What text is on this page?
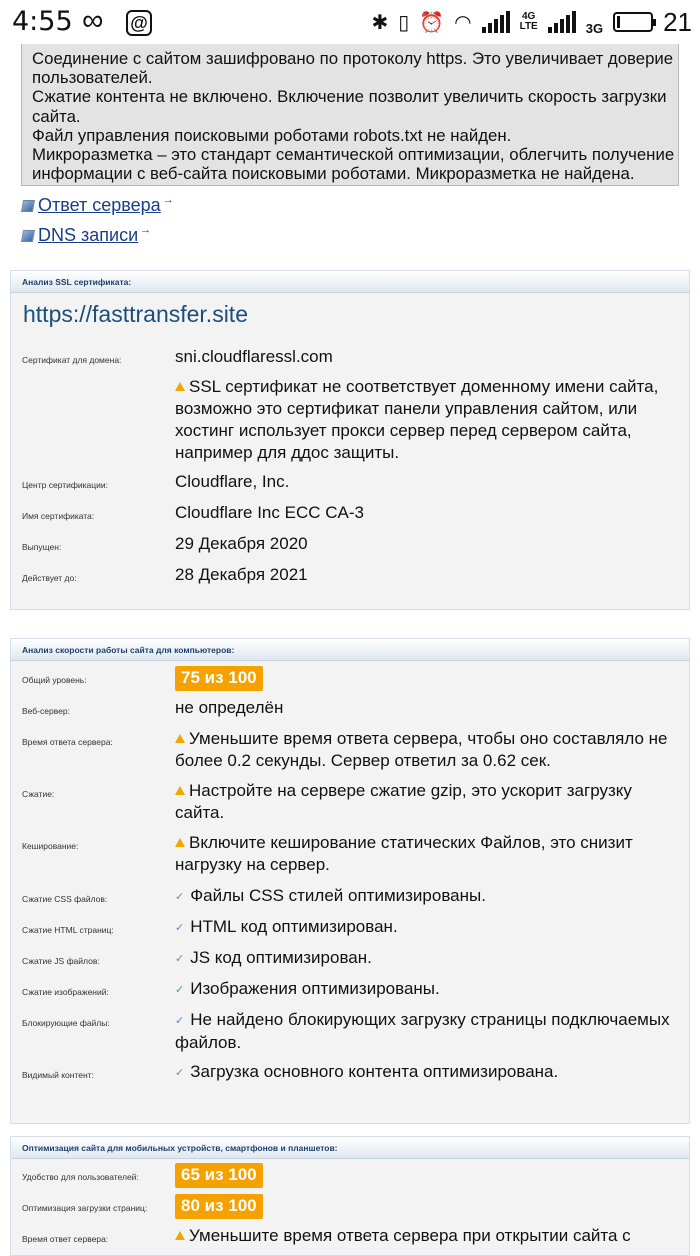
Соединение с сайтом зашифровано по протоколу https. Это увеличивает доверие пользователей.

Сжатие контента не включено. Включение позволит увеличить скорость загрузки сайта.

Файл управления поисковыми роботами robots.txt не найден.

Микроразметка – это стандарт семантической оптимизации, облегчить получение информации с веб-сайта поисковыми роботами. Микроразметка не найдена.

Ответ сервера →
DNS записи →
Анализ SSL сертификата:
https://fasttransfer.site
Сертификат для домена:	sni.cloudflaressl.com
SSL сертификат не соответствует доменному имени сайта, возможно это сертификат панели управления сайтом, или хостинг использует прокси сервер перед сервером сайта, например для ддос защиты.
Центр сертификации:	Cloudflare, Inc.
Имя сертификата:	Cloudflare Inc ECC CA-3
Выпущен:	29 Декабря 2020
Действует до:	28 Декабря 2021
Анализ скорости работы сайта для компьютеров:
Общий уровень:	75 из 100
Веб-сервер:	не определён
Время ответа сервера:	Уменьшите время ответа сервера, чтобы оно составляло не более 0.2 секунды. Сервер ответил за 0.62 сек.
Сжатие:	Настройте на сервере сжатие gzip, это ускорит загрузку сайта.
Кеширование:	Включите кеширование статических Файлов, это снизит нагрузку на сервер.
Сжатие CSS файлов:	✓ Файлы CSS стилей оптимизированы.
Сжатие HTML страниц:	✓ HTML код оптимизирован.
Сжатие JS файлов:	✓ JS код оптимизирован.
Сжатие изображений:	✓ Изображения оптимизированы.
Блокирующие файлы:	✓ Не найдено блокирующих загрузку страницы подключаемых файлов.
Видимый контент:	✓ Загрузка основного контента оптимизирована.
Оптимизация сайта для мобильных устройств, смартфонов и планшетов:
Удобство для пользователей:	65 из 100
Оптимизация загрузки страниц:	80 из 100
Время ответ сервера:	Уменьшите время ответа сервера при открытии сайта с
4:55 ∞ @	✱ ▯ ⏰ ◠	4G
LTE	3G 21
